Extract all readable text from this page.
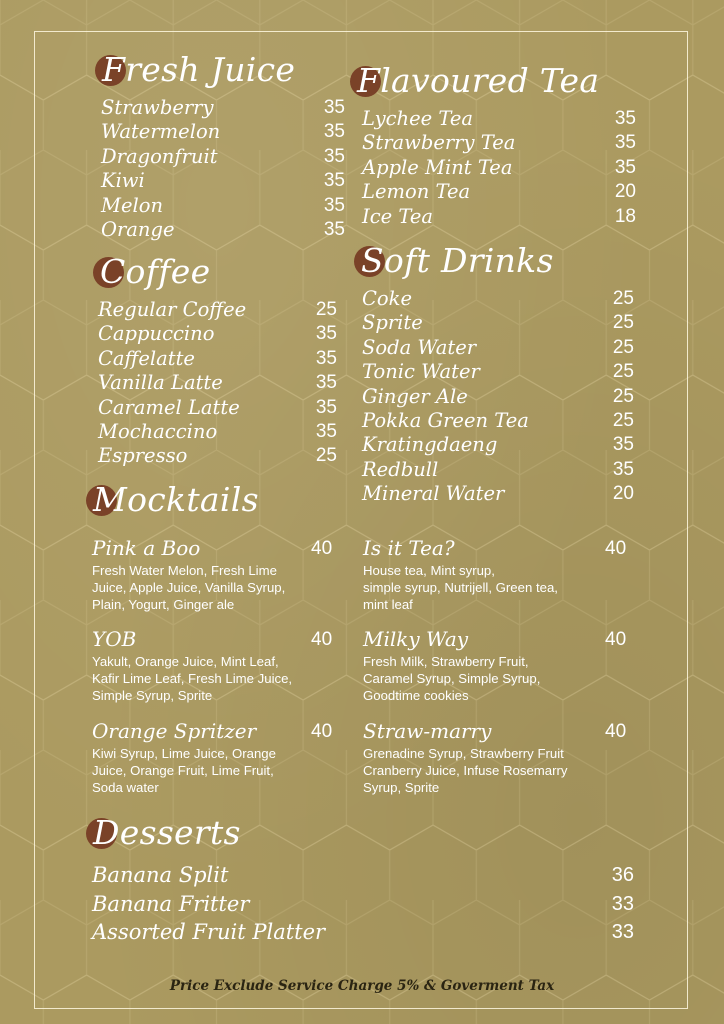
Fresh Juice
Strawberry	35
Watermelon	35
Dragonfruit	35
Kiwi	35
Melon	35
Orange	35
Flavoured Tea
Lychee Tea	35
Strawberry Tea	35
Apple Mint Tea	35
Lemon Tea	20
Ice Tea	18
Coffee
Regular Coffee	25
Cappuccino	35
Caffelatte	35
Vanilla Latte	35
Caramel Latte	35
Mochaccino	35
Espresso	25
Soft Drinks
Coke	25
Sprite	25
Soda Water	25
Tonic Water	25
Ginger Ale	25
Pokka Green Tea	25
Kratingdaeng	35
Redbull	35
Mineral Water	20
Mocktails
Pink a Boo	40
Fresh Water Melon, Fresh Lime
Juice, Apple Juice, Vanilla Syrup,
Plain, Yogurt, Ginger ale
Is it Tea?	40
House tea, Mint syrup,
simple syrup, Nutrijell, Green tea,
mint leaf
YOB	40
Yakult, Orange Juice, Mint Leaf,
Kafir Lime Leaf, Fresh Lime Juice,
Simple Syrup, Sprite
Milky Way	40
Fresh Milk, Strawberry Fruit,
Caramel Syrup, Simple Syrup,
Goodtime cookies
Orange Spritzer	40
Kiwi Syrup, Lime Juice, Orange
Juice, Orange Fruit, Lime Fruit,
Soda water
Straw-marry	40
Grenadine Syrup, Strawberry Fruit
Cranberry Juice, Infuse Rosemarry
Syrup, Sprite
Desserts
Banana Split	36
Banana Fritter	33
Assorted Fruit Platter	33
Price Exclude Service Charge 5% & Goverment Tax
